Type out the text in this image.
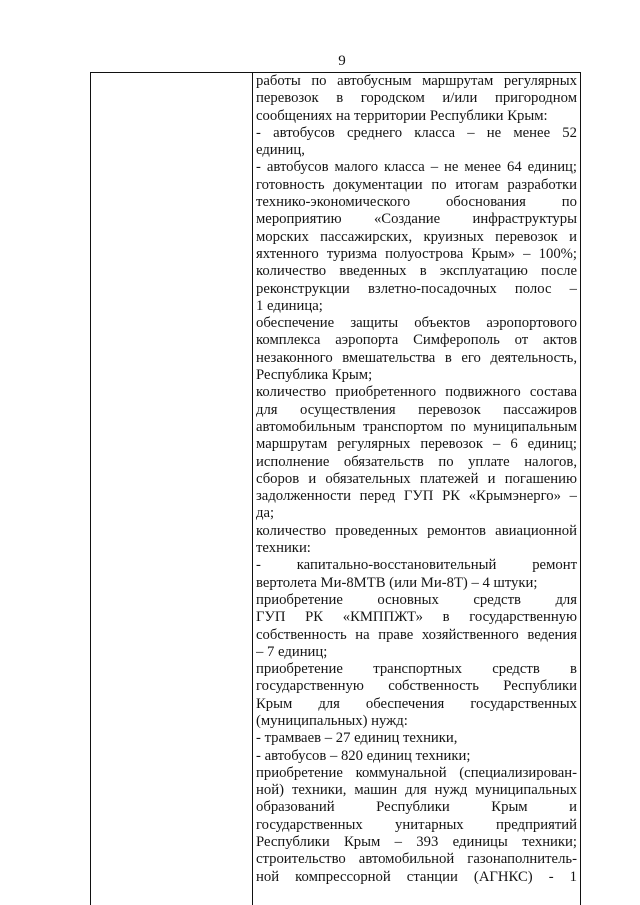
9
работы по автобусным маршрутам регулярных
перевозок в городском и/или пригородном
сообщениях на территории Республики Крым:
- автобусов среднего класса – не менее 52
единиц,
- автобусов малого класса – не менее 64 единиц;
готовность документации по итогам разработки
технико-экономического обоснования по
мероприятию «Создание инфраструктуры
морских пассажирских, круизных перевозок и
яхтенного туризма полуострова Крым» – 100%;
количество введенных в эксплуатацию после
реконструкции взлетно-посадочных полос –
1 единица;
обеспечение защиты объектов аэропортового
комплекса аэропорта Симферополь от актов
незаконного вмешательства в его деятельность,
Республика Крым;
количество приобретенного подвижного состава
для осуществления перевозок пассажиров
автомобильным транспортом по муниципальным
маршрутам регулярных перевозок – 6 единиц;
исполнение обязательств по уплате налогов,
сборов и обязательных платежей и погашению
задолженности перед ГУП РК «Крымэнерго» –
да;
количество проведенных ремонтов авиационной
техники:
- капитально-восстановительный ремонт
вертолета Ми-8МТВ (или Ми-8Т) – 4 штуки;
приобретение основных средств для
ГУП РК «КМППЖТ» в государственную
собственность на праве хозяйственного ведения
– 7 единиц;
приобретение транспортных средств в
государственную собственность Республики
Крым для обеспечения государственных
(муниципальных) нужд:
- трамваев – 27 единиц техники,
- автобусов – 820 единиц техники;
приобретение коммунальной (специализирован-
ной) техники, машин для нужд муниципальных
образований Республики Крым и
государственных унитарных предприятий
Республики Крым – 393 единицы техники;
строительство автомобильной газонаполнитель-
ной компрессорной станции (АГНКС) - 1
